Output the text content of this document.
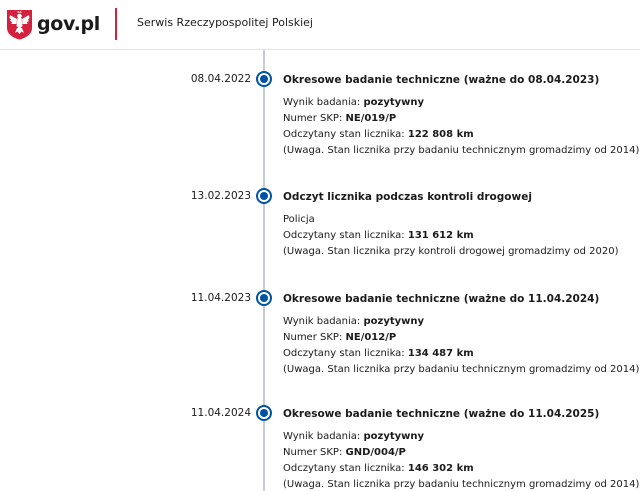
gov.pl	Serwis Rzeczypospolitej Polskiej
08.04.2022	Okresowe badanie techniczne (ważne do 08.04.2023)
Wynik badania: pozytywny
Numer SKP: NE/019/P
Odczytany stan licznika: 122 808 km
(Uwaga. Stan licznika przy badaniu technicznym gromadzimy od 2014)
13.02.2023	Odczyt licznika podczas kontroli drogowej
Policja
Odczytany stan licznika: 131 612 km
(Uwaga. Stan licznika przy kontroli drogowej gromadzimy od 2020)
11.04.2023	Okresowe badanie techniczne (ważne do 11.04.2024)
Wynik badania: pozytywny
Numer SKP: NE/012/P
Odczytany stan licznika: 134 487 km
(Uwaga. Stan licznika przy badaniu technicznym gromadzimy od 2014)
11.04.2024	Okresowe badanie techniczne (ważne do 11.04.2025)
Wynik badania: pozytywny
Numer SKP: GND/004/P
Odczytany stan licznika: 146 302 km
(Uwaga. Stan licznika przy badaniu technicznym gromadzimy od 2014)
